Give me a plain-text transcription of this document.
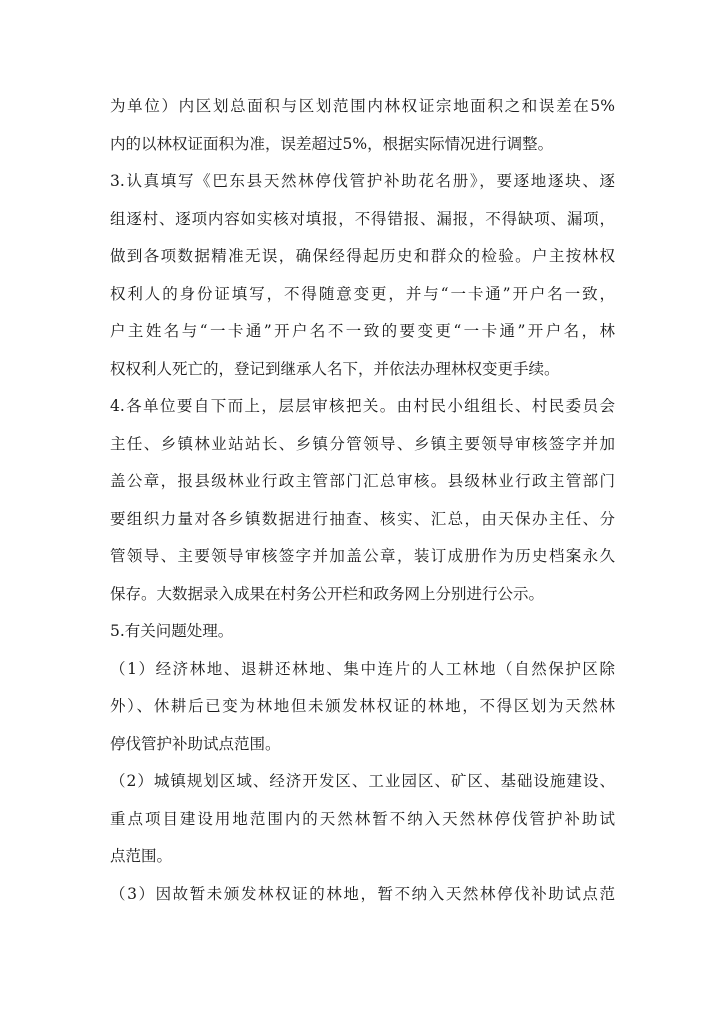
为单位）内区划总面积与区划范围内林权证宗地面积之和误差在5%
内的以林权证面积为准，误差超过5%，根据实际情况进行调整。
3.认真填写《巴东县天然林停伐管护补助花名册》，要逐地逐块、逐
组逐村、逐项内容如实核对填报，不得错报、漏报，不得缺项、漏项，
做到各项数据精准无误，确保经得起历史和群众的检验。户主按林权
权利人的身份证填写，不得随意变更，并与“一卡通”开户名一致，
户主姓名与“一卡通”开户名不一致的要变更“一卡通”开户名，林
权权利人死亡的，登记到继承人名下，并依法办理林权变更手续。
4.各单位要自下而上，层层审核把关。由村民小组组长、村民委员会
主任、乡镇林业站站长、乡镇分管领导、乡镇主要领导审核签字并加
盖公章，报县级林业行政主管部门汇总审核。县级林业行政主管部门
要组织力量对各乡镇数据进行抽查、核实、汇总，由天保办主任、分
管领导、主要领导审核签字并加盖公章，装订成册作为历史档案永久
保存。大数据录入成果在村务公开栏和政务网上分别进行公示。
5.有关问题处理。
（1）经济林地、退耕还林地、集中连片的人工林地（自然保护区除
外）、休耕后已变为林地但未颁发林权证的林地，不得区划为天然林
停伐管护补助试点范围。
（2）城镇规划区域、经济开发区、工业园区、矿区、基础设施建设、
重点项目建设用地范围内的天然林暂不纳入天然林停伐管护补助试
点范围。
（3）因故暂未颁发林权证的林地，暂不纳入天然林停伐补助试点范
